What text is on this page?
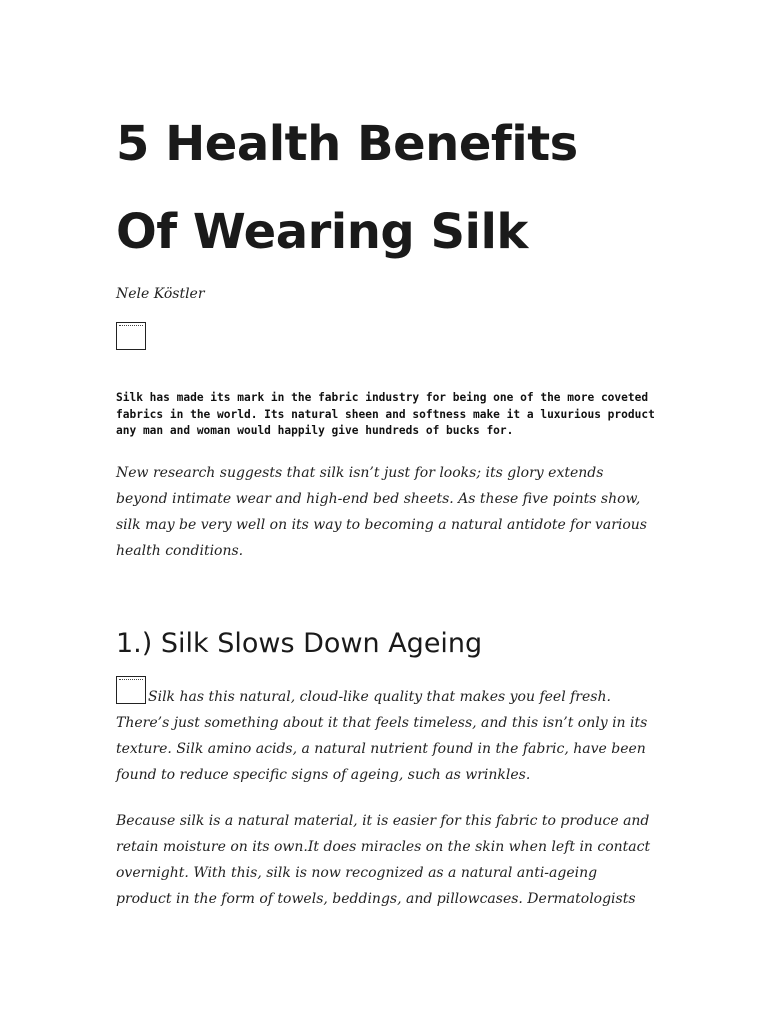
5 Health Benefits
Of Wearing Silk

Nele Köstler

Silk has made its mark in the fabric industry for being one of the more coveted fabrics in the world. Its natural sheen and softness make it a luxurious product any man and woman would happily give hundreds of bucks for.

New research suggests that silk isn’t just for looks; its glory extends beyond intimate wear and high-end bed sheets. As these five points show, silk may be very well on its way to becoming a natural antidote for various health conditions.

1.) Silk Slows Down Ageing

Silk has this natural, cloud-like quality that makes you feel fresh. There’s just something about it that feels timeless, and this isn’t only in its texture. Silk amino acids, a natural nutrient found in the fabric, have been found to reduce specific signs of ageing, such as wrinkles.

Because silk is a natural material, it is easier for this fabric to produce and retain moisture on its own.It does miracles on the skin when left in contact overnight. With this, silk is now recognized as a natural anti-ageing product in the form of towels, beddings, and pillowcases. Dermatologists
